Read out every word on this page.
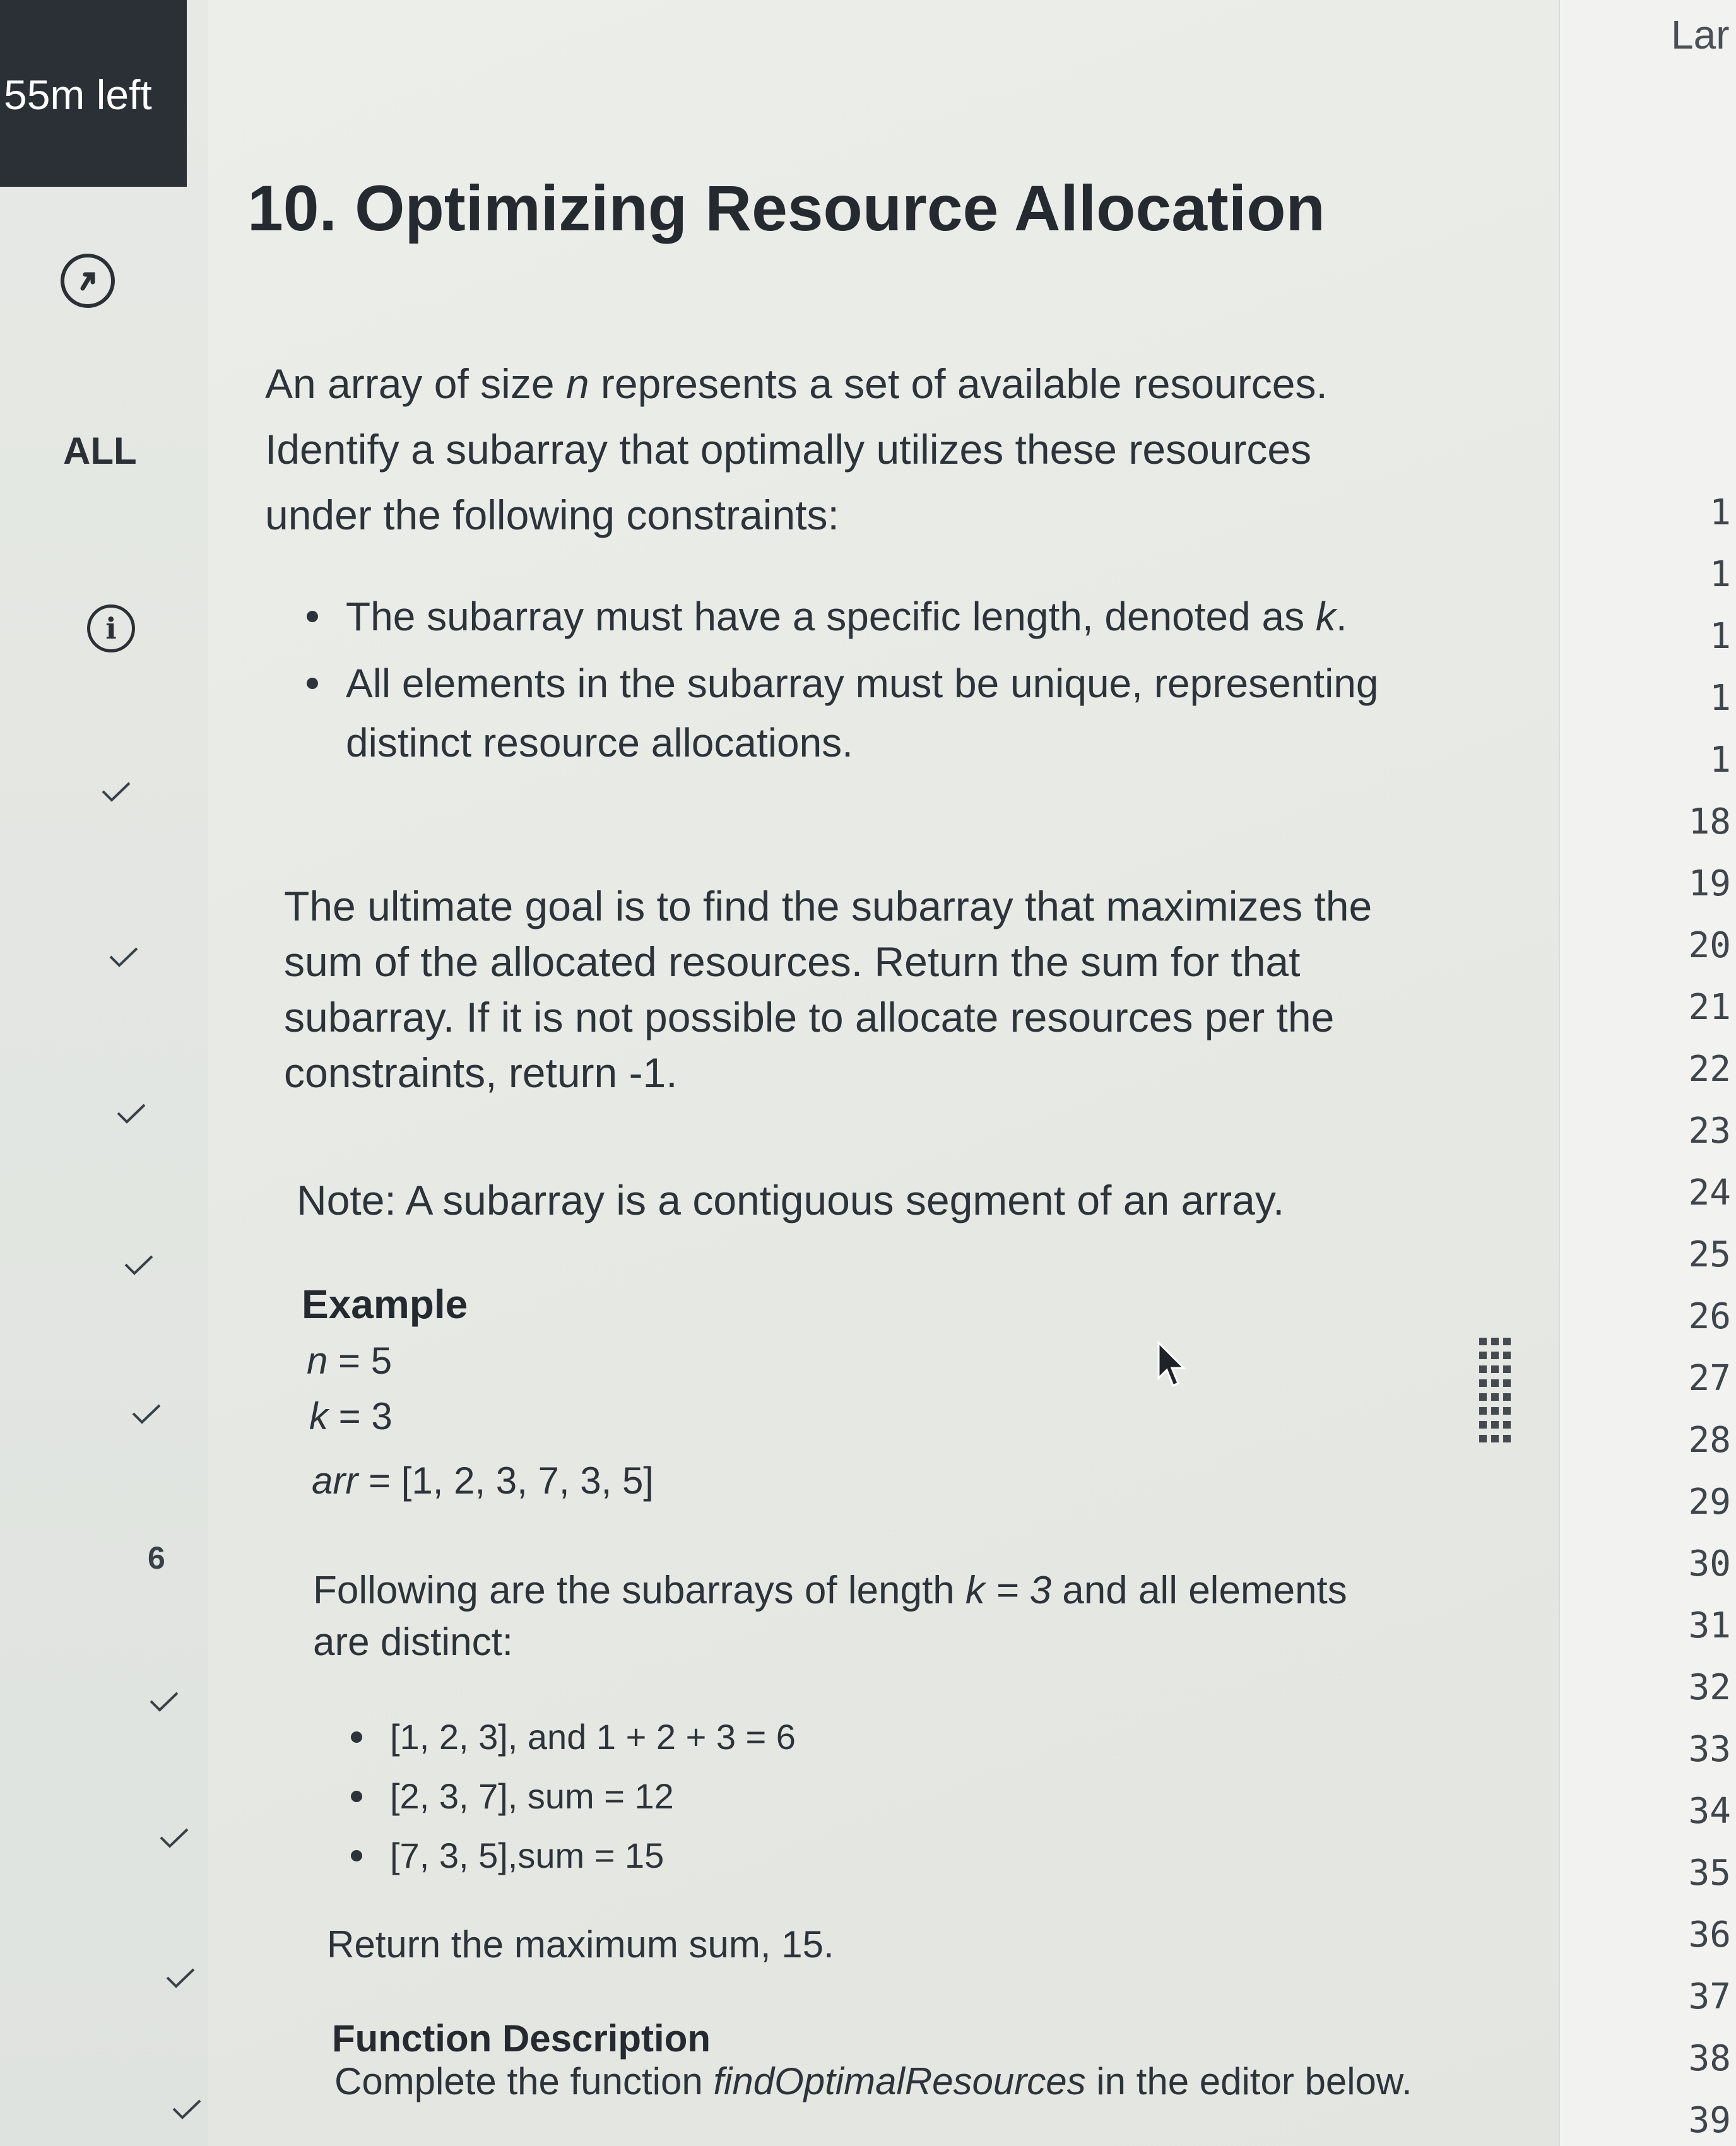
55m left
ALL
i
6
10. Optimizing Resource Allocation

An array of size n represents a set of available resources. Identify a subarray that optimally utilizes these resources under the following constraints:

The subarray must have a specific length, denoted as k.
All elements in the subarray must be unique, representing distinct resource allocations.

The ultimate goal is to find the subarray that maximizes the sum of the allocated resources. Return the sum for that subarray. If it is not possible to allocate resources per the constraints, return -1.

Note: A subarray is a contiguous segment of an array.

Example
n = 5
k = 3
arr = [1, 2, 3, 7, 3, 5]

Following are the subarrays of length k = 3 and all elements are distinct:

[1, 2, 3], and 1 + 2 + 3 = 6
[2, 3, 7], sum = 12
[7, 3, 5],sum = 15

Return the maximum sum, 15.

Function Description

Complete the function findOptimalResources in the editor below.

Lar
1
1
1
1
1
18
19
20
21
22
23
24
25
26
27
28
29
30
31
32
33
34
35
36
37
38
39
